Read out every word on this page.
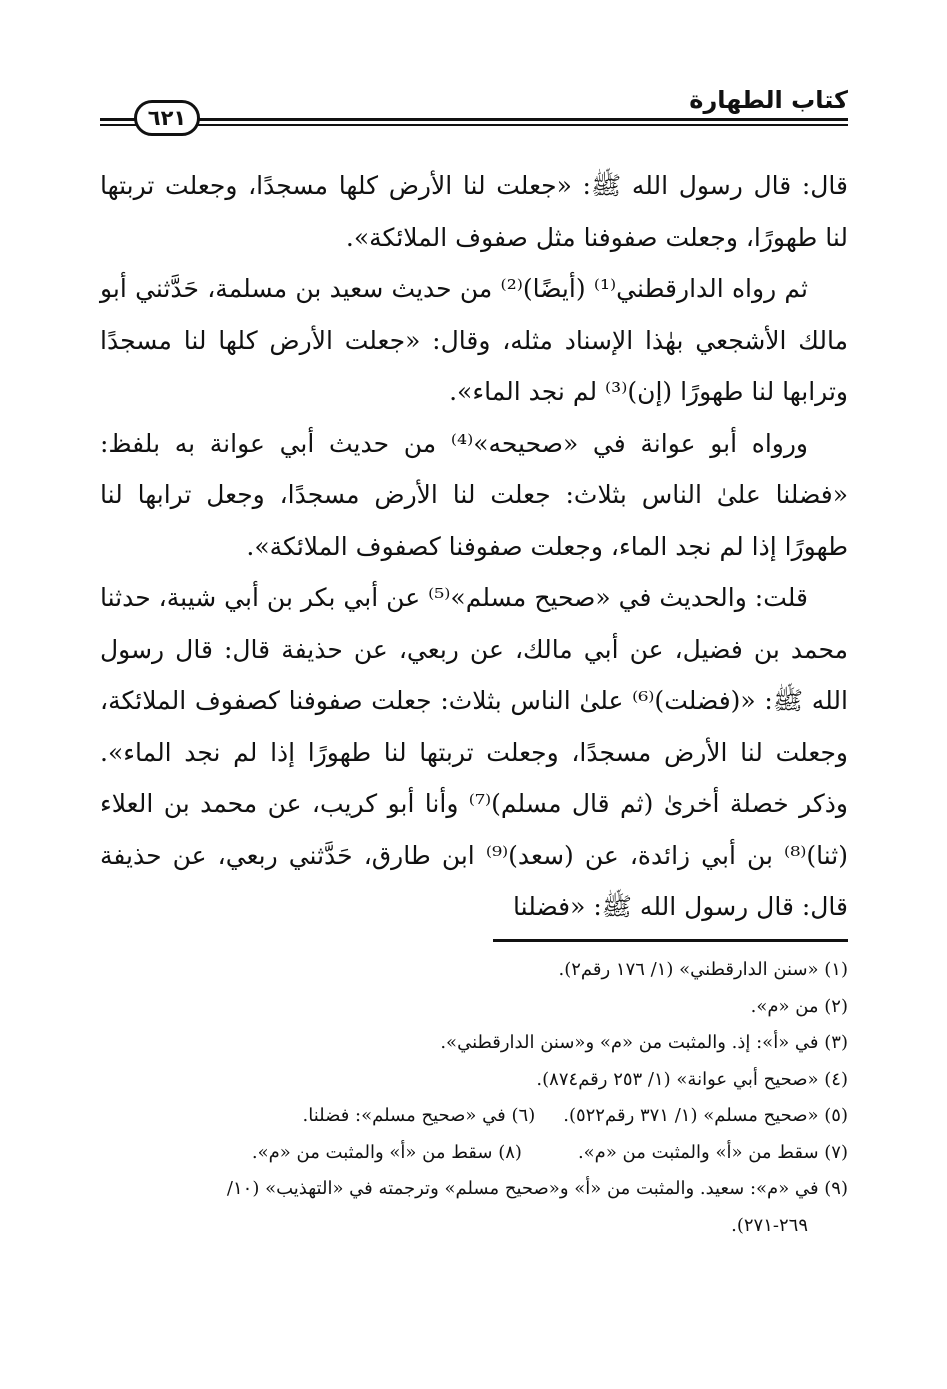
كتاب الطهارة
٦٢١

قال: قال رسول الله ﷺ: «جعلت لنا الأرض كلها مسجدًا، وجعلت تربتها لنا طهورًا، وجعلت صفوفنا مثل صفوف الملائكة».

ثم رواه الدارقطني⁽¹⁾ (أيضًا)⁽²⁾ من حديث سعيد بن مسلمة، حَدَّثني أبو مالك الأشجعي بهٰذا الإسناد مثله، وقال: «جعلت الأرض كلها لنا مسجدًا وترابها لنا طهورًا (إن)⁽³⁾ لم نجد الماء».

ورواه أبو عوانة في «صحيحه»⁽⁴⁾ من حديث أبي عوانة به بلفظ: «فضلنا علىٰ الناس بثلاث: جعلت لنا الأرض مسجدًا، وجعل ترابها لنا طهورًا إذا لم نجد الماء، وجعلت صفوفنا كصفوف الملائكة».

قلت: والحديث في «صحيح مسلم»⁽⁵⁾ عن أبي بكر بن أبي شيبة، حدثنا محمد بن فضيل، عن أبي مالك، عن ربعي، عن حذيفة قال: قال رسول الله ﷺ: «(فضلت)⁽⁶⁾ علىٰ الناس بثلاث: جعلت صفوفنا كصفوف الملائكة، وجعلت لنا الأرض مسجدًا، وجعلت تربتها لنا طهورًا إذا لم نجد الماء». وذكر خصلة أخرىٰ (ثم قال مسلم)⁽⁷⁾ وأنا أبو كريب، عن محمد بن العلاء (ثنا)⁽⁸⁾ بن أبي زائدة، عن (سعد)⁽⁹⁾ ابن طارق، حَدَّثني ربعي، عن حذيفة قال: قال رسول الله ﷺ: «فضلنا

(١) «سنن الدارقطني» (١/ ١٧٦ رقم٢).

(٢) من «م».

(٣) في «أ»: إذ. والمثبت من «م» و«سنن الدارقطني».

(٤) «صحيح أبي عوانة» (١/ ٢٥٣ رقم٨٧٤).

(٥) «صحيح مسلم» (١/ ٣٧١ رقم٥٢٢).(٦) في «صحيح مسلم»: فضلنا.

(٧) سقط من «أ» والمثبت من «م».(٨) سقط من «أ» والمثبت من «م».

(٩) في «م»: سعيد. والمثبت من «أ» و«صحيح مسلم» وترجمته في «التهذيب» (١٠/

٢٦٩-٢٧١).
